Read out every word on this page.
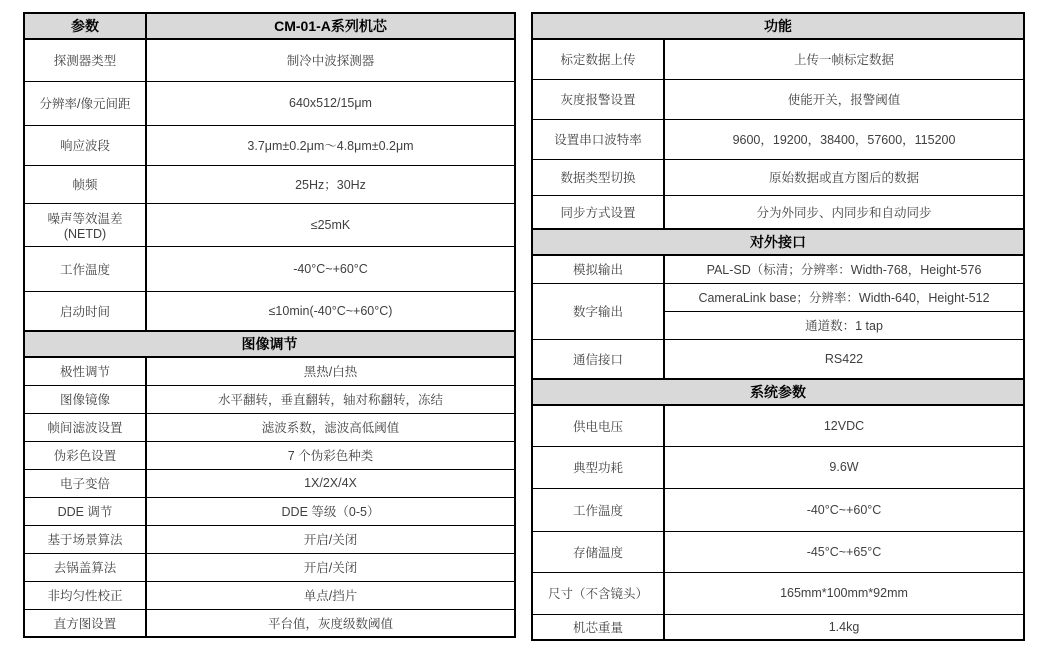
参数	CM-01-A系列机芯
探测器类型	制冷中波探测器
分辨率/像元间距	640x512/15μm
响应波段	3.7μm±0.2μm～4.8μm±0.2μm
帧频	25Hz；30Hz
噪声等效温差(NETD)	≤25mK
工作温度	-40°C~+60°C
启动时间	≤10min(-40°C~+60°C)
图像调节	
极性调节	黑热/白热
图像镜像	水平翻转，垂直翻转，轴对称翻转，冻结
帧间滤波设置	滤波系数，滤波高低阈值
伪彩色设置	7 个伪彩色种类
电子变倍	1X/2X/4X
DDE 调节	DDE 等级（0-5）
基于场景算法	开启/关闭
去锅盖算法	开启/关闭
非均匀性校正	单点/挡片
直方图设置	平台值，灰度级数阈值
功能	
标定数据上传	上传一帧标定数据
灰度报警设置	使能开关，报警阈值
设置串口波特率	9600，19200，38400，57600，115200
数据类型切换	原始数据或直方图后的数据
同步方式设置	分为外同步、内同步和自动同步
对外接口	
模拟输出	PAL-SD（标清；分辨率：Width-768，Height-576
数字输出	CameraLink base；分辨率：Width-640，Height-512
	通道数：1 tap
通信接口	RS422
系统参数	
供电电压	12VDC
典型功耗	9.6W
工作温度	-40°C~+60°C
存储温度	-45°C~+65°C
尺寸（不含镜头）	165mm*100mm*92mm
机芯重量	1.4kg
